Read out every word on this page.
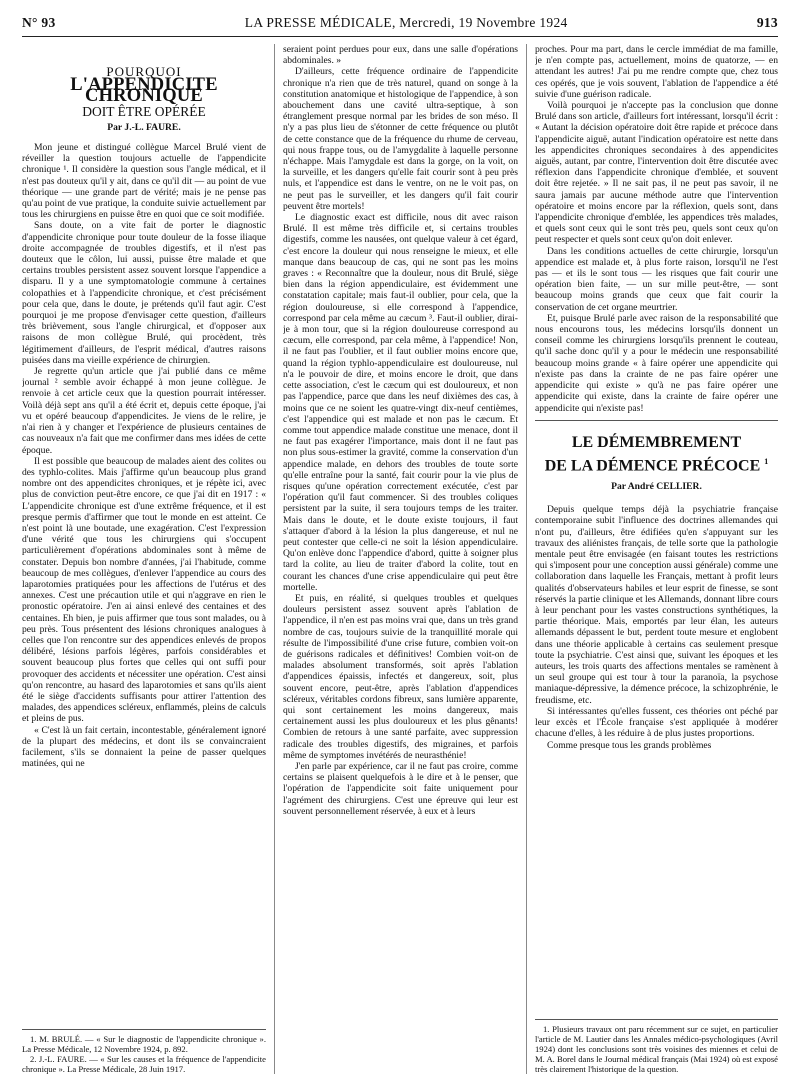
N° 93	LA PRESSE MÉDICALE, Mercredi, 19 Novembre 1924	913
POURQUOI
L'APPENDICITE CHRONIQUE
DOIT ÊTRE OPÉRÉE
Par J.-L. FAURE.

Mon jeune et distingué collègue Marcel Brulé vient de réveiller la question toujours actuelle de l'appendicite chronique ¹. Il considère la question sous l'angle médical, et il n'est pas douteux qu'il y ait, dans ce qu'il dit — au point de vue théorique — une grande part de vérité; mais je ne pense pas qu'au point de vue pratique, la conduite suivie actuellement par tous les chirurgiens en puisse être en quoi que ce soit modifiée.

Sans doute, on a vite fait de porter le diagnostic d'appendicite chronique pour toute douleur de la fosse iliaque droite accompagnée de troubles digestifs, et il n'est pas douteux que le côlon, lui aussi, puisse être malade et que certains troubles persistent assez souvent lorsque l'appendice a disparu. Il y a une symptomatologie commune à certaines colopathies et à l'appendicite chronique, et c'est précisément pour cela que, dans le doute, je prétends qu'il faut agir. C'est pourquoi je me propose d'envisager cette question, d'ailleurs très brièvement, sous l'angle chirurgical, et d'opposer aux raisons de mon collègue Brulé, qui procèdent, très légitimement d'ailleurs, de l'esprit médical, d'autres raisons puisées dans ma vieille expérience de chirurgien.

Je regrette qu'un article que j'ai publié dans ce même journal ² semble avoir échappé à mon jeune collègue. Je renvoie à cet article ceux que la question pourrait intéresser. Voilà déjà sept ans qu'il a été écrit et, depuis cette époque, j'ai vu et opéré beaucoup d'appendicites. Je viens de le relire, je n'ai rien à y changer et l'expérience de plusieurs centaines de cas nouveaux n'a fait que me confirmer dans mes idées de cette époque.

Il est possible que beaucoup de malades aient des colites ou des typhlo-colites. Mais j'affirme qu'un beaucoup plus grand nombre ont des appendicites chroniques, et je répète ici, avec plus de conviction peut-être encore, ce que j'ai dit en 1917 : « L'appendicite chronique est d'une extrême fréquence, et il est presque permis d'affirmer que tout le monde en est atteint. Ce n'est point là une boutade, une exagération. C'est l'expression d'une vérité que tous les chirurgiens qui s'occupent particulièrement d'opérations abdominales sont à même de constater. Depuis bon nombre d'années, j'ai l'habitude, comme beaucoup de mes collègues, d'enlever l'appendice au cours des laparotomies pratiquées pour les affections de l'utérus et des annexes. C'est une précaution utile et qui n'aggrave en rien le pronostic opératoire. J'en ai ainsi enlevé des centaines et des centaines. Eh bien, je puis affirmer que tous sont malades, ou à peu près. Tous présentent des lésions chroniques analogues à celles que l'on rencontre sur des appendices enlevés de propos délibéré, lésions parfois légères, parfois considérables et souvent beaucoup plus fortes que celles qui ont suffi pour provoquer des accidents et nécessiter une opération. C'est ainsi qu'on rencontre, au hasard des laparotomies et sans qu'ils aient été le siège d'accidents suffisants pour attirer l'attention des malades, des appendices scléreux, enflammés, pleins de calculs et pleins de pus.

« C'est là un fait certain, incontestable, généralement ignoré de la plupart des médecins, et dont ils se convaincraient facilement, s'ils se donnaient la peine de passer quelques matinées, qui ne

1. M. BRULÉ. — « Sur le diagnostic de l'appendicite chronique ». La Presse Médicale, 12 Novembre 1924, p. 892.

2. J.-L. FAURE. — « Sur les causes et la fréquence de l'appendicite chronique ». La Presse Médicale, 28 Juin 1917.

seraient point perdues pour eux, dans une salle d'opérations abdominales. »

D'ailleurs, cette fréquence ordinaire de l'appendicite chronique n'a rien que de très naturel, quand on songe à la constitution anatomique et histologique de l'appendice, à son abouchement dans une cavité ultra-septique, à son étranglement presque normal par les brides de son méso. Il n'y a pas plus lieu de s'étonner de cette fréquence ou plutôt de cette constance que de la fréquence du rhume de cerveau, qui nous frappe tous, ou de l'amygdalite à laquelle personne n'échappe. Mais l'amygdale est dans la gorge, on la voit, on la surveille, et les dangers qu'elle fait courir sont à peu près nuls, et l'appendice est dans le ventre, on ne le voit pas, on ne peut pas le surveiller, et les dangers qu'il fait courir peuvent être mortels!

Le diagnostic exact est difficile, nous dit avec raison Brulé. Il est même très difficile et, si certains troubles digestifs, comme les nausées, ont quelque valeur à cet égard, c'est encore la douleur qui nous renseigne le mieux, et elle manque dans beaucoup de cas, qui ne sont pas les moins graves : « Reconnaître que la douleur, nous dit Brulé, siège bien dans la région appendiculaire, est évidemment une constatation capitale; mais faut-il oublier, pour cela, que la région douloureuse, si elle correspond à l'appendice, correspond par cela même au cæcum ³. Faut-il oublier, dirai-je à mon tour, que si la région douloureuse correspond au cæcum, elle correspond, par cela même, à l'appendice! Non, il ne faut pas l'oublier, et il faut oublier moins encore que, quand la région typhlo-appendiculaire est douloureuse, nul n'a le pouvoir de dire, et moins encore le droit, que dans cette association, c'est le cæcum qui est douloureux, et non pas l'appendice, parce que dans les neuf dixièmes des cas, à moins que ce ne soient les quatre-vingt dix-neuf centièmes, c'est l'appendice qui est malade et non pas le cæcum. Et comme tout appendice malade constitue une menace, dont il ne faut pas exagérer l'importance, mais dont il ne faut pas non plus sous-estimer la gravité, comme la conservation d'un appendice malade, en dehors des troubles de toute sorte qu'elle entraîne pour la santé, fait courir pour la vie plus de risques qu'une opération correctement exécutée, c'est par l'opération qu'il faut commencer. Si des troubles coliques persistent par la suite, il sera toujours temps de les traiter. Mais dans le doute, et le doute existe toujours, il faut s'attaquer d'abord à la lésion la plus dangereuse, et nul ne peut contester que celle-ci ne soit la lésion appendiculaire. Qu'on enlève donc l'appendice d'abord, quitte à soigner plus tard la colite, au lieu de traiter d'abord la colite, tout en courant les chances d'une crise appendiculaire qui peut être mortelle.

Et puis, en réalité, si quelques troubles et quelques douleurs persistent assez souvent après l'ablation de l'appendice, il n'en est pas moins vrai que, dans un très grand nombre de cas, toujours suivie de la tranquillité morale qui résulte de l'impossibilité d'une crise future, combien voit-on de guérisons radicales et définitives! Combien voit-on de malades absolument transformés, soit après l'ablation d'appendices épaissis, infectés et dangereux, soit, plus souvent encore, peut-être, après l'ablation d'appendices scléreux, véritables cordons fibreux, sans lumière apparente, qui sont certainement les moins dangereux, mais certainement aussi les plus douloureux et les plus gênants! Combien de retours à une santé parfaite, avec suppression radicale des troubles digestifs, des migraines, et parfois même de symptomes invétérés de neurasthénie!

J'en parle par expérience, car il ne faut pas croire, comme certains se plaisent quelquefois à le dire et à le penser, que l'opération de l'appendicite soit faite uniquement pour l'agrément des chirurgiens. C'est une épreuve qui leur est souvent personnellement réservée, à eux et à leurs

proches. Pour ma part, dans le cercle immédiat de ma famille, je n'en compte pas, actuellement, moins de quatorze, — en attendant les autres! J'ai pu me rendre compte que, chez tous ces opérés, que je vois souvent, l'ablation de l'appendice a été suivie d'une guérison radicale.

Voilà pourquoi je n'accepte pas la conclusion que donne Brulé dans son article, d'ailleurs fort intéressant, lorsqu'il écrit : « Autant la décision opératoire doit être rapide et précoce dans l'appendicite aiguë, autant l'indication opératoire est nette dans les appendicites chroniques secondaires à des appendicites aiguës, autant, par contre, l'intervention doit être discutée avec réflexion dans l'appendicite chronique d'emblée, et souvent doit être rejetée. » Il ne sait pas, il ne peut pas savoir, il ne saura jamais par aucune méthode autre que l'intervention opératoire et moins encore par la réflexion, quels sont, dans l'appendicite chronique d'emblée, les appendices très malades, et quels sont ceux qui le sont très peu, quels sont ceux qu'on peut respecter et quels sont ceux qu'on doit enlever.

Dans les conditions actuelles de cette chirurgie, lorsqu'un appendice est malade et, à plus forte raison, lorsqu'il ne l'est pas — et ils le sont tous — les risques que fait courir une opération bien faite, — un sur mille peut-être, — sont beaucoup moins grands que ceux que fait courir la conservation de cet organe meurtrier.

Et, puisque Brulé parle avec raison de la responsabilité que nous encourons tous, les médecins lorsqu'ils donnent un conseil comme les chirurgiens lorsqu'ils prennent le couteau, qu'il sache donc qu'il y a pour le médecin une responsabilité beaucoup moins grande « à faire opérer une appendicite qui n'existe pas dans la crainte de ne pas faire opérer une appendicite qui existe » qu'à ne pas faire opérer une appendicite qui existe, dans la crainte de faire opérer une appendicite qui n'existe pas!

LE DÉMEMBREMENT
DE LA DÉMENCE PRÉCOCE $^1$
Par André CELLIER.

Depuis quelque temps déjà la psychiatrie française contemporaine subit l'influence des doctrines allemandes qui n'ont pu, d'ailleurs, être édifiées qu'en s'appuyant sur les travaux des aliénistes français, de telle sorte que la pathologie mentale peut être envisagée (en faisant toutes les restrictions qui s'imposent pour une conception aussi générale) comme une collaboration dans laquelle les Français, mettant à profit leurs qualités d'observateurs habiles et leur esprit de finesse, se sont réservés la partie clinique et les Allemands, donnant libre cours à leur penchant pour les vastes constructions synthétiques, la partie théorique. Mais, emportés par leur élan, les auteurs allemands dépassent le but, perdent toute mesure et englobent dans une théorie applicable à certains cas seulement presque toute la psychiatrie. C'est ainsi que, suivant les époques et les auteurs, les trois quarts des affections mentales se ramènent à un seul groupe qui est tour à tour la paranoïa, la psychose maniaque-dépressive, la démence précoce, la schizophrénie, le freudisme, etc.

Si intéressantes qu'elles fussent, ces théories ont péché par leur excès et l'École française s'est appliquée à modérer chacune d'elles, à les réduire à de plus justes proportions.

Comme presque tous les grands problèmes

1. Plusieurs travaux ont paru récemment sur ce sujet, en particulier l'article de M. Lautier dans les Annales médico-psychologiques (Avril 1924) dont les conclusions sont très voisines des miennes et celui de M. A. Borel dans le Journal médical français (Mai 1924) où est exposé très clairement l'historique de la question.
